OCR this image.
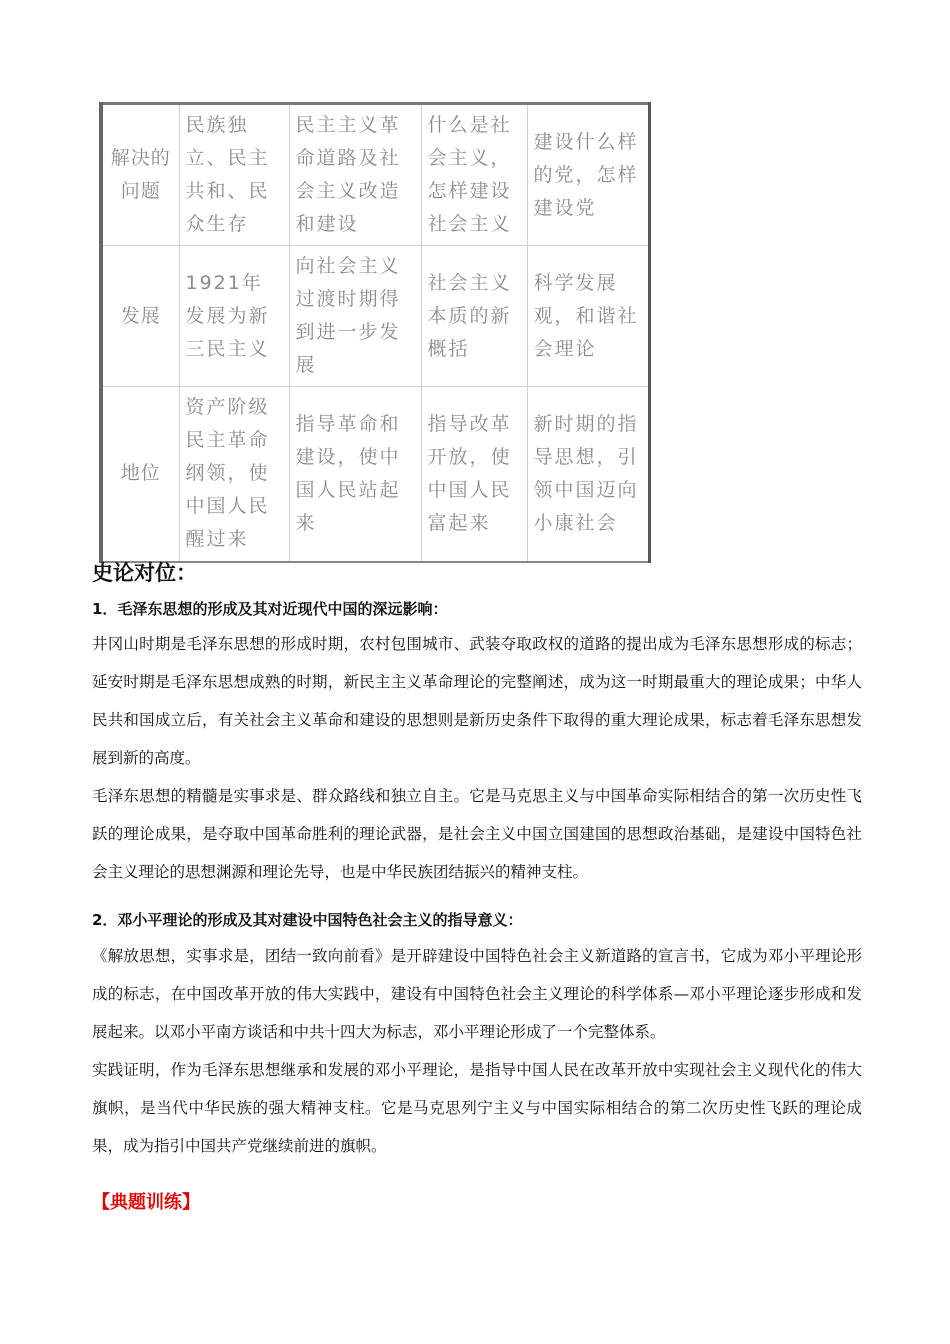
解决的问题	民族独立、民主共和、民众生存	民主主义革命道路及社会主义改造和建设	什么是社会主义，怎样建设社会主义	建设什么样的党，怎样建设党
发展	1921年发展为新三民主义	向社会主义过渡时期得到进一步发展	社会主义本质的新概括	科学发展观，和谐社会理论
地位	资产阶级民主革命纲领，使中国人民醒过来	指导革命和建设，使中国人民站起来	指导改革开放，使中国人民富起来	新时期的指导思想，引领中国迈向小康社会
史论对位：
1．毛泽东思想的形成及其对近现代中国的深远影响：

井冈山时期是毛泽东思想的形成时期，农村包围城市、武装夺取政权的道路的提出成为毛泽东思想形成的标志；延安时期是毛泽东思想成熟的时期，新民主主义革命理论的完整阐述，成为这一时期最重大的理论成果；中华人民共和国成立后，有关社会主义革命和建设的思想则是新历史条件下取得的重大理论成果，标志着毛泽东思想发展到新的高度。

毛泽东思想的精髓是实事求是、群众路线和独立自主。它是马克思主义与中国革命实际相结合的第一次历史性飞跃的理论成果，是夺取中国革命胜利的理论武器，是社会主义中国立国建国的思想政治基础，是建设中国特色社会主义理论的思想渊源和理论先导，也是中华民族团结振兴的精神支柱。

2．邓小平理论的形成及其对建设中国特色社会主义的指导意义：

《解放思想，实事求是，团结一致向前看》是开辟建设中国特色社会主义新道路的宣言书，它成为邓小平理论形成的标志，在中国改革开放的伟大实践中，建设有中国特色社会主义理论的科学体系—邓小平理论逐步形成和发展起来。以邓小平南方谈话和中共十四大为标志，邓小平理论形成了一个完整体系。

实践证明，作为毛泽东思想继承和发展的邓小平理论，是指导中国人民在改革开放中实现社会主义现代化的伟大旗帜，是当代中华民族的强大精神支柱。它是马克思列宁主义与中国实际相结合的第二次历史性飞跃的理论成果，成为指引中国共产党继续前进的旗帜。

【典题训练】
